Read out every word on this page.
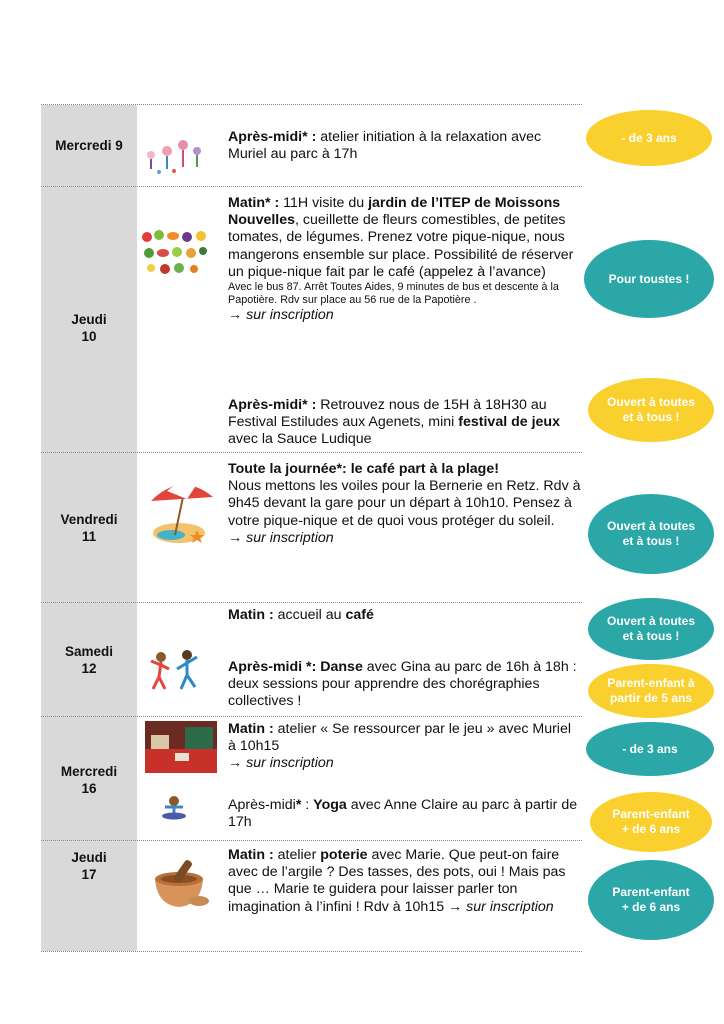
Mercredi 9
Après-midi* : atelier initiation à la relaxation avec Muriel au parc à 17h
Jeudi
10
Matin* : 11H visite du jardin de l’ITEP de Moissons Nouvelles, cueillette de fleurs comestibles, de petites tomates, de légumes. Prenez votre pique-nique, nous mangerons ensemble sur place. Possibilité de réserver un pique-nique fait par le café (appelez à l’avance)
Avec le bus 87. Arrêt Toutes Aides, 9 minutes de bus et descente à la Papotière. Rdv sur place au 56 rue de la Papotière .
→ sur inscription
Après-midi* : Retrouvez nous de 15H à 18H30 au Festival Estiludes aux Agenets, mini festival de jeux avec la Sauce Ludique
Vendredi
11
Toute la journée*: le café part à la plage!
Nous mettons les voiles pour la Bernerie en Retz. Rdv à 9h45 devant la gare pour un départ à 10h10. Pensez à votre pique-nique et de quoi vous protéger du soleil.
→ sur inscription
Samedi
12
Matin : accueil au café
Après-midi *: Danse avec Gina au parc de 16h à 18h : deux sessions pour apprendre des chorégraphies collectives !
Mercredi
16
Matin : atelier « Se ressourcer par le jeu » avec Muriel à 10h15
→ sur inscription
Après-midi* : Yoga avec Anne Claire au parc à partir de 17h
Jeudi
17
Matin : atelier poterie avec Marie. Que peut-on faire avec de l’argile ? Des tasses, des pots, oui ! Mais pas que … Marie te guidera pour laisser parler ton imagination à l’infini ! Rdv à 10h15 → sur inscription
- de 3 ans
Pour toustes !
Ouvert à toutes et à tous !
Ouvert à toutes et à tous !
Ouvert à toutes et à tous !
Parent-enfant à partir de 5 ans
- de 3 ans
Parent-enfant + de 6 ans
Parent-enfant + de 6 ans
